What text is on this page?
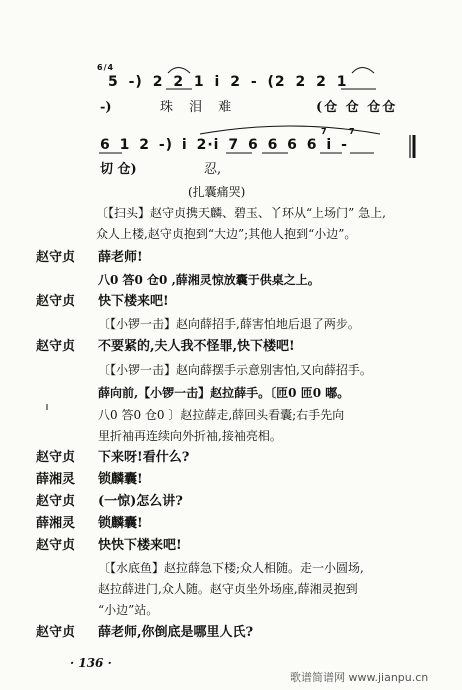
6/4
5 -) 2 2 1 i 2 - (2 2 2 1
-)	珠 泪 难	(仓 仓 仓仓
7	7
6 1 2 -) i 2·i 7 6 6 6 6 i -
切 仓)	忍,
(扎囊痛哭)
〔【扫头】赵守贞携天麟、碧玉、丫环从“上场门” 急上,
众人上楼,赵守贞抱到“大边”;其他人抱到“小边”。
赵守贞 薛老师!
八0 答0 仓0 ,薛湘灵惊放囊于供桌之上。
赵守贞 快下楼来吧!
〔【小锣一击】赵向薛招手,薛害怕地后退了两步。
赵守贞 不要紧的,夫人我不怪罪,快下楼吧!
〔【小锣一击】赵向薛摆手示意别害怕,又向薛招手。
薛向前,【小锣一击】赵拉薛手。〔匝0 匝0 嘟。
八0 答0 仓0 〕赵拉薛走,薛回头看囊;右手先向
里折袖再连续向外折袖,接袖亮相。
赵守贞 下来呀!看什么?
薛湘灵 锁麟囊!
赵守贞 (一惊)怎么讲?
薛湘灵 锁麟囊!
赵守贞 快快下楼来吧!
〔【水底鱼】赵拉薛急下楼;众人相随。走一小圆场,
赵拉薛进门,众人随。赵守贞坐外场座,薛湘灵抱到
“小边”站。
赵守贞 薛老师,你倒底是哪里人氏?
· 136 ·
歌谱简谱网 www.jianpu.cn
